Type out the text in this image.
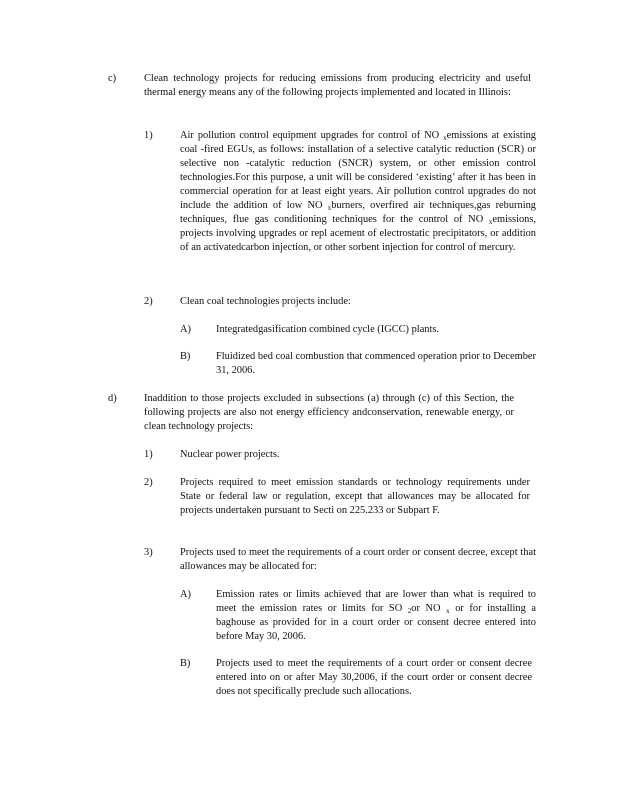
c)	Clean technology projects for reducing emissions from producing electricity and useful thermal energy means any of the following projects implemented and located in Illinois:
1)	Air pollution control equipment upgrades for control of NO $_x$emissions at existing coal -fired EGUs, as follows: installation of a selective catalytic reduction (SCR) or selective non -catalytic reduction (SNCR) system, or other emission control technologies.For this purpose, a unit will be considered ‘existing’ after it has been in commercial operation for at least eight years. Air pollution control upgrades do not include the addition of low NO $_x$burners, overfired air techniques,gas reburning techniques, flue gas conditioning techniques for the control of NO $_x$emissions, projects involving upgrades or repl acement of electrostatic precipitators, or addition of an activatedcarbon injection, or other sorbent injection for control of mercury.
2)	Clean coal technologies projects include:
A) Integratedgasification combined cycle (IGCC) plants.
B) Fluidized bed coal combustion that commenced operation prior to December 31, 2006.
d)	Inaddition to those projects excluded in subsections (a) through (c) of this Section, the following projects are also not energy efficiency andconservation, renewable energy, or clean technology projects:
1)	Nuclear power projects.
2)	Projects required to meet emission standards or technology requirements under State or federal law or regulation, except that allowances may be allocated for projects undertaken pursuant to Secti on 225.233 or Subpart F.
3)	Projects used to meet the requirements of a court order or consent decree, except that allowances may be allocated for:
A) Emission rates or limits achieved that are lower than what is required to meet the emission rates or limits for SO $_2$or NO $_x$ or for installing a baghouse as provided for in a court order or consent decree entered into before May 30, 2006.
B) Projects used to meet the requirements of a court order or consent decree entered into on or after May 30,2006, if the court order or consent decree does not specifically preclude such allocations.
